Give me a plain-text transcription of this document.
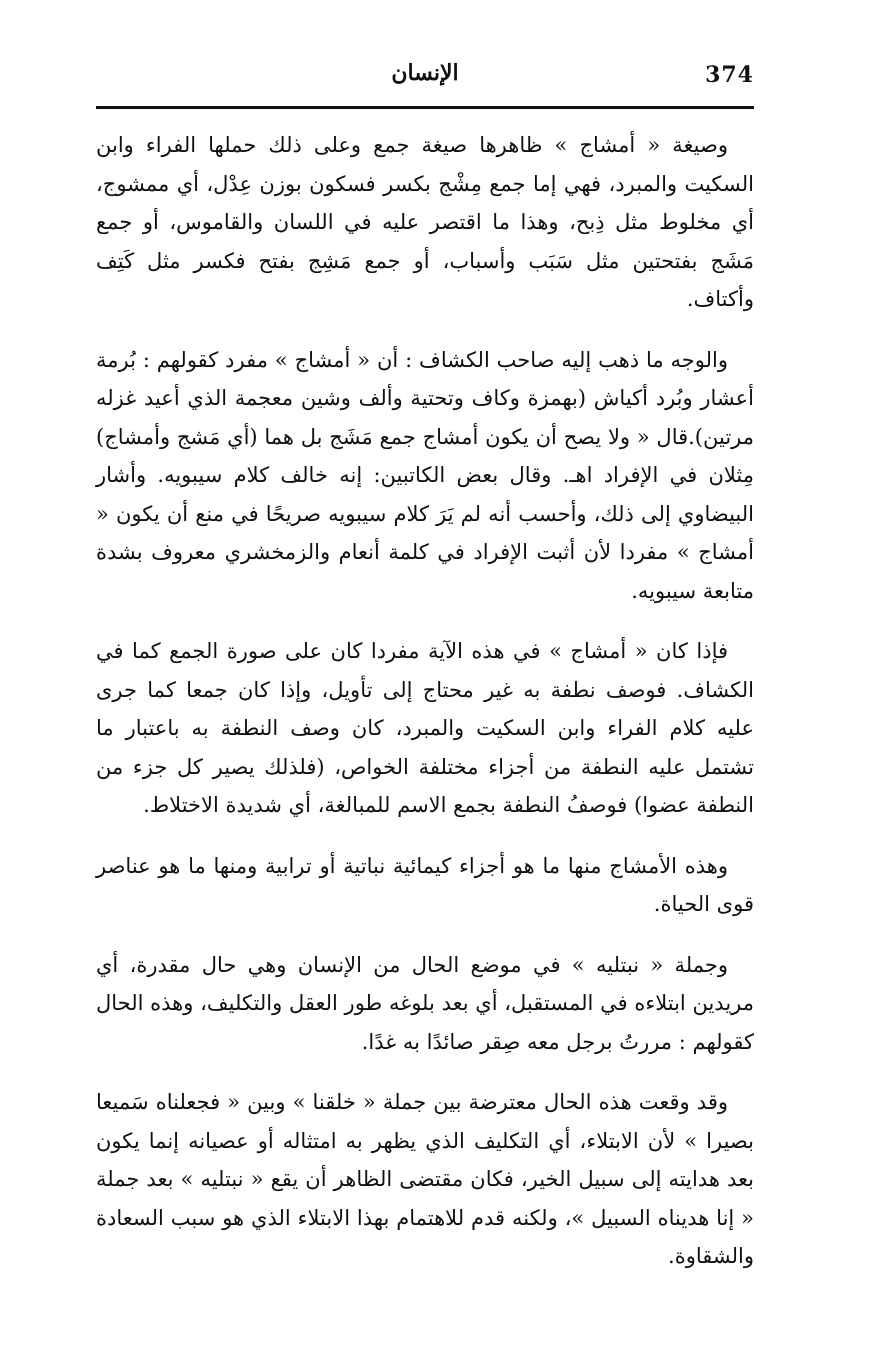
374
الإنسان

وصيغة « أمشاج » ظاهرها صيغة جمع وعلى ذلك حملها الفراء وابن السكيت والمبرد، فهي إما جمع مِشْج بكسر فسكون بوزن عِدْل، أي ممشوج، أي مخلوط مثل ذِبح، وهذا ما اقتصر عليه في اللسان والقاموس، أو جمع مَشَج بفتحتين مثل سَبَب وأسباب، أو جمع مَشِج بفتح فكسر مثل كَتِف وأكتاف.

والوجه ما ذهب إليه صاحب الكشاف : أن « أمشاج » مفرد كقولهم : بُرمة أعشار وبُرد أكياش (بهمزة وكاف وتحتية وألف وشين معجمة الذي أعيد غزله مرتين).قال « ولا يصح أن يكون أمشاج جمع مَشَج بل هما (أي مَشج وأمشاج) مِثلان في الإفراد اهـ. وقال بعض الكاتبين: إنه خالف كلام سيبويه. وأشار البيضاوي إلى ذلك، وأحسب أنه لم يَرَ كلام سيبويه صريحًا في منع أن يكون « أمشاج » مفردا لأن أثبت الإفراد في كلمة أنعام والزمخشري معروف بشدة متابعة سيبويه.

فإذا كان « أمشاج » في هذه الآية مفردا كان على صورة الجمع كما في الكشاف. فوصف نطفة به غير محتاج إلى تأويل، وإذا كان جمعا كما جرى عليه كلام الفراء وابن السكيت والمبرد، كان وصف النطفة به باعتبار ما تشتمل عليه النطفة من أجزاء مختلفة الخواص، (فلذلك يصير كل جزء من النطفة عضوا) فوصفُ النطفة بجمع الاسم للمبالغة، أي شديدة الاختلاط.

وهذه الأمشاج منها ما هو أجزاء كيمائية نباتية أو ترابية ومنها ما هو عناصر قوى الحياة.

وجملة « نبتليه » في موضع الحال من الإنسان وهي حال مقدرة، أي مريدين ابتلاءه في المستقبل، أي بعد بلوغه طور العقل والتكليف، وهذه الحال كقولهم : مررتُ برجل معه صِقر صائدًا به غدًا.

وقد وقعت هذه الحال معترضة بين جملة « خلقنا » وبين « فجعلناه سَميعا بصيرا » لأن الابتلاء، أي التكليف الذي يظهر به امتثاله أو عصيانه إنما يكون بعد هدايته إلى سبيل الخير، فكان مقتضى الظاهر أن يقع « نبتليه » بعد جملة « إنا هديناه السبيل »، ولكنه قدم للاهتمام بهذا الابتلاء الذي هو سبب السعادة والشقاوة.
